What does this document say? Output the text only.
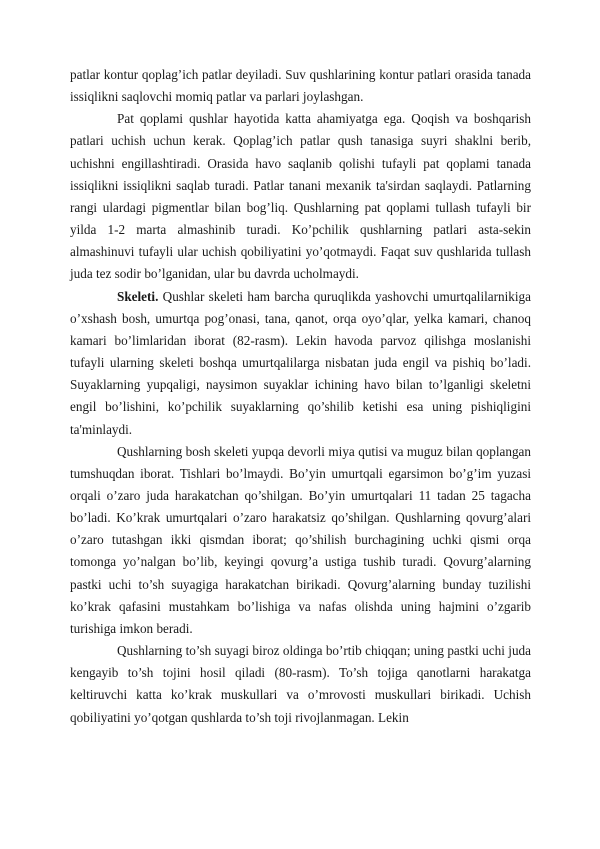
patlar kontur qoplag’ich patlar deyiladi. Suv qushlarining kontur patlari orasida tanada issiqlikni saqlovchi momiq patlar va parlari joylashgan.

Pat qoplami qushlar hayotida katta ahamiyatga ega. Qoqish va boshqarish patlari uchish uchun kerak. Qoplag’ich patlar qush tanasiga suyri shaklni berib, uchishni engillashtiradi. Orasida havo saqlanib qolishi tufayli pat qoplami tanada issiqlikni issiqlikni saqlab turadi. Patlar tanani mexanik ta'sirdan saqlaydi. Patlarning rangi ulardagi pigmentlar bilan bog’liq. Qushlarning pat qoplami tullash tufayli bir yilda 1-2 marta almashinib turadi. Ko’pchilik qushlarning patlari asta-sekin almashinuvi tufayli ular uchish qobiliyatini yo’qotmaydi. Faqat suv qushlarida tullash juda tez sodir bo’lganidan, ular bu davrda ucholmaydi.

Skeleti. Qushlar skeleti ham barcha quruqlikda yashovchi umurtqalilarnikiga o’xshash bosh, umurtqa pog’onasi, tana, qanot, orqa oyo’qlar, yelka kamari, chanoq kamari bo’limlaridan iborat (82-rasm). Lekin havoda parvoz qilishga moslanishi tufayli ularning skeleti boshqa umurtqalilarga nisbatan juda engil va pishiq bo’ladi. Suyaklarning yupqaligi, naysimon suyaklar ichining havo bilan to’lganligi skeletni engil bo’lishini, ko’pchilik suyaklarning qo’shilib ketishi esa uning pishiqligini ta'minlaydi.

Qushlarning bosh skeleti yupqa devorli miya qutisi va muguz bilan qoplangan tumshuqdan iborat. Tishlari bo’lmaydi. Bo’yin umurtqali egarsimon bo’g’im yuzasi orqali o’zaro juda harakatchan qo’shilgan. Bo’yin umurtqalari 11 tadan 25 tagacha bo’ladi. Ko’krak umurtqalari o’zaro harakatsiz qo’shilgan. Qushlarning qovurg’alari o’zaro tutashgan ikki qismdan iborat; qo’shilish burchagining uchki qismi orqa tomonga yo’nalgan bo’lib, keyingi qovurg’a ustiga tushib turadi. Qovurg’alarning pastki uchi to’sh suyagiga harakatchan birikadi. Qovurg’alarning bunday tuzilishi ko’krak qafasini mustahkam bo’lishiga va nafas olishda uning hajmini o’zgarib turishiga imkon beradi.

Qushlarning to’sh suyagi biroz oldinga bo’rtib chiqqan; uning pastki uchi juda kengayib to’sh tojini hosil qiladi (80-rasm). To’sh tojiga qanotlarni harakatga keltiruvchi katta ko’krak muskullari va o’mrovosti muskullari birikadi. Uchish qobiliyatini yo’qotgan qushlarda to’sh toji rivojlanmagan. Lekin
